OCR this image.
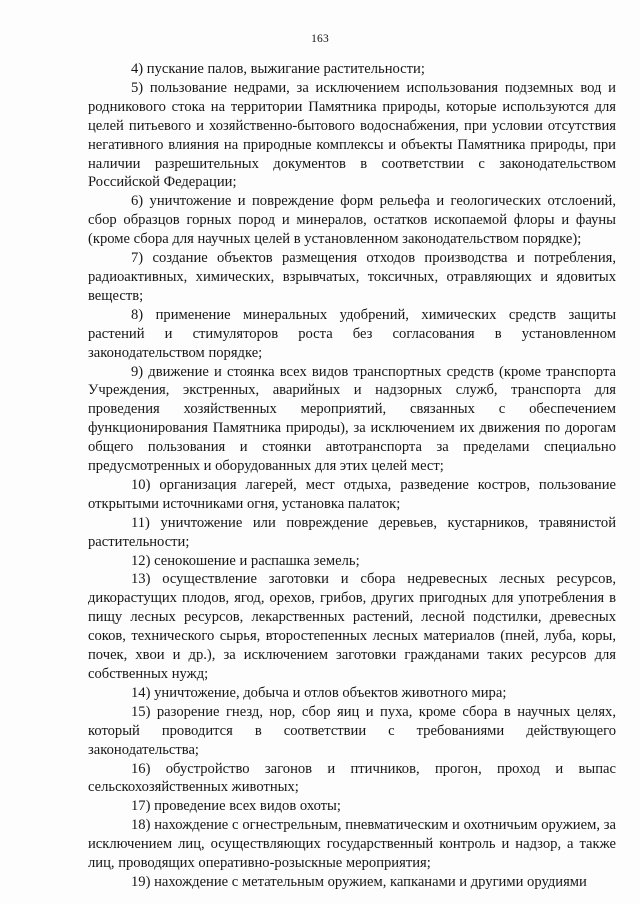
163

4) пускание палов, выжигание растительности;

5) пользование недрами, за исключением использования подземных вод и родникового стока на территории Памятника природы, которые используются для целей питьевого и хозяйственно-бытового водоснабжения, при условии отсутствия негативного влияния на природные комплексы и объекты Памятника природы, при наличии разрешительных документов в соответствии с законодательством Российской Федерации;

6) уничтожение и повреждение форм рельефа и геологических отслоений, сбор образцов горных пород и минералов, остатков ископаемой флоры и фауны (кроме сбора для научных целей в установленном законодательством порядке);

7) создание объектов размещения отходов производства и потребления, радиоактивных, химических, взрывчатых, токсичных, отравляющих и ядовитых веществ;

8) применение минеральных удобрений, химических средств защиты растений и стимуляторов роста без согласования в установленном законодательством порядке;

9) движение и стоянка всех видов транспортных средств (кроме транспорта Учреждения, экстренных, аварийных и надзорных служб, транспорта для проведения хозяйственных мероприятий, связанных с обеспечением функционирования Памятника природы), за исключением их движения по дорогам общего пользования и стоянки автотранспорта за пределами специально предусмотренных и оборудованных для этих целей мест;

10) организация лагерей, мест отдыха, разведение костров, пользование открытыми источниками огня, установка палаток;

11) уничтожение или повреждение деревьев, кустарников, травянистой растительности;

12) сенокошение и распашка земель;

13) осуществление заготовки и сбора недревесных лесных ресурсов, дикорастущих плодов, ягод, орехов, грибов, других пригодных для употребления в пищу лесных ресурсов, лекарственных растений, лесной подстилки, древесных соков, технического сырья, второстепенных лесных материалов (пней, луба, коры, почек, хвои и др.), за исключением заготовки гражданами таких ресурсов для собственных нужд;

14) уничтожение, добыча и отлов объектов животного мира;

15) разорение гнезд, нор, сбор яиц и пуха, кроме сбора в научных целях, который проводится в соответствии с требованиями действующего законодательства;

16) обустройство загонов и птичников, прогон, проход и выпас сельскохозяйственных животных;

17) проведение всех видов охоты;

18) нахождение с огнестрельным, пневматическим и охотничьим оружием, за исключением лиц, осуществляющих государственный контроль и надзор, а также лиц, проводящих оперативно-розыскные мероприятия;

19) нахождение с метательным оружием, капканами и другими орудиями
